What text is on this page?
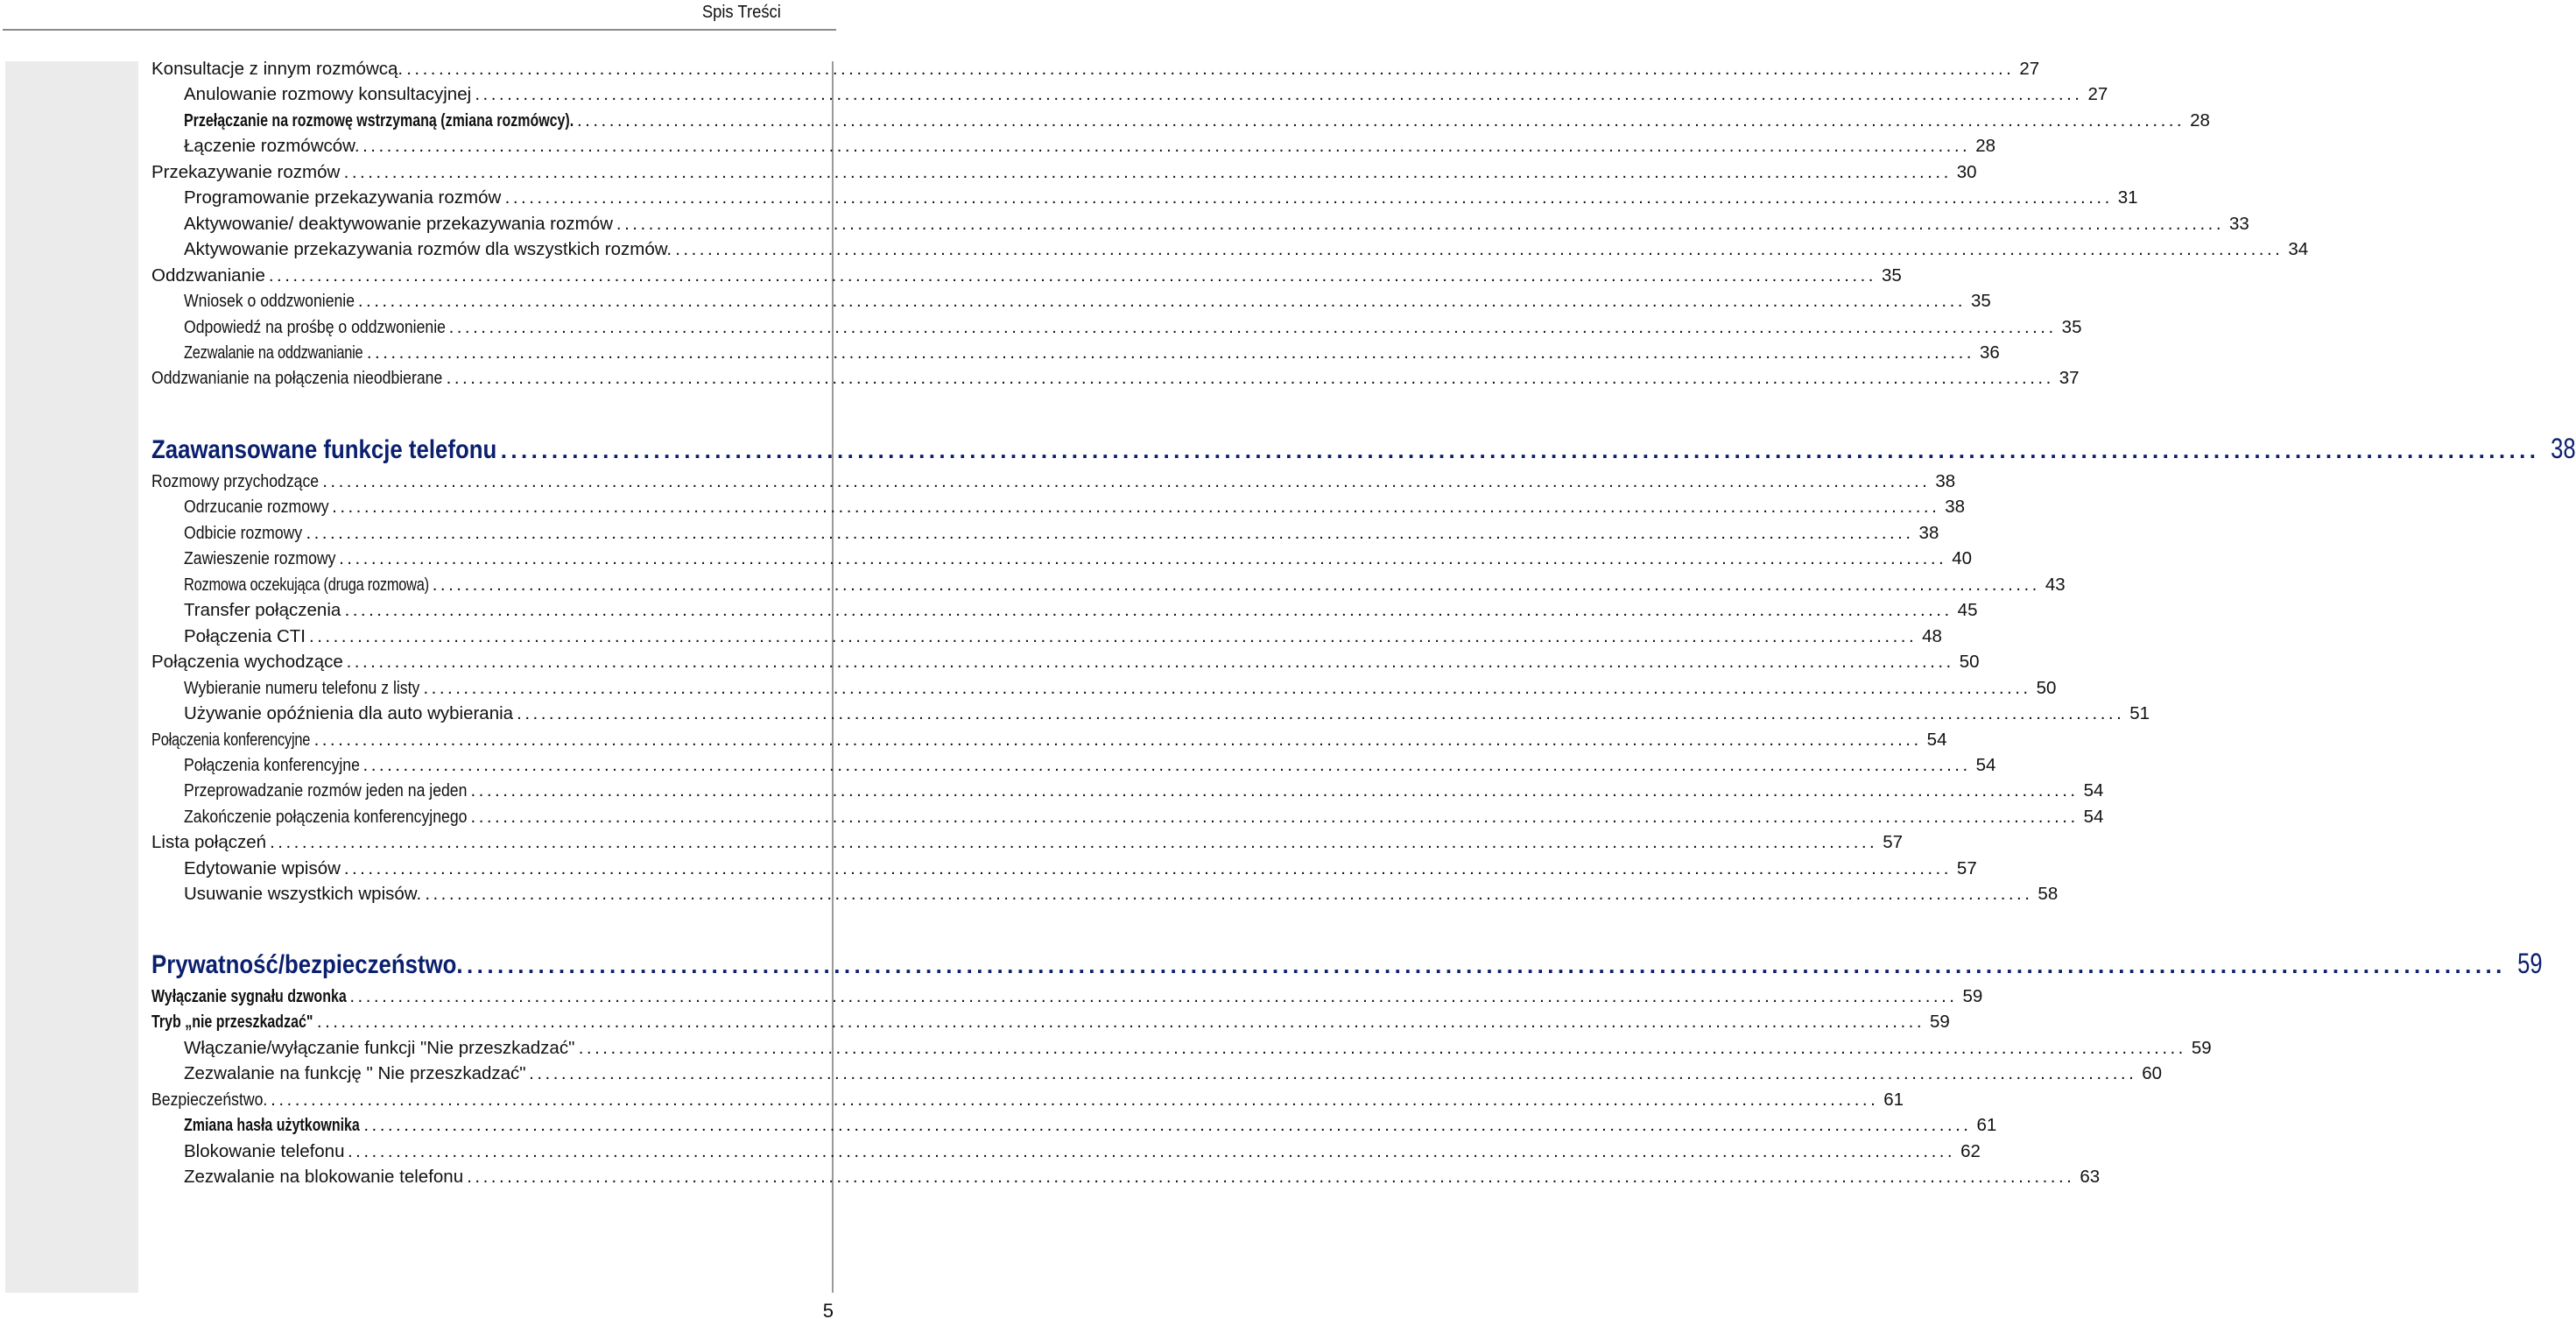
Spis Treści
Konsultacje z innym rozmówcą. ........................................................................................................................................................................................................ 27
Anulowanie rozmowy konsultacyjnej ........................................................................................................................................................................................................ 27
Przełączanie na rozmowę wstrzymaną (zmiana rozmówcy). ........................................................................................................................................................................................................ 28
Łączenie rozmówców. ........................................................................................................................................................................................................ 28
Przekazywanie rozmów ........................................................................................................................................................................................................ 30
Programowanie przekazywania rozmów ........................................................................................................................................................................................................ 31
Aktywowanie/ deaktywowanie przekazywania rozmów ........................................................................................................................................................................................................ 33
Aktywowanie przekazywania rozmów dla wszystkich rozmów. ........................................................................................................................................................................................................ 34
Oddzwanianie ........................................................................................................................................................................................................ 35
Wniosek o oddzwonienie ........................................................................................................................................................................................................ 35
Odpowiedź na prośbę o oddzwonienie ........................................................................................................................................................................................................ 35
Zezwalanie na oddzwanianie ........................................................................................................................................................................................................ 36
Oddzwanianie na połączenia nieodbierane ........................................................................................................................................................................................................ 37
Zaawansowane funkcje telefonu ........................................................................................................................................................................................................ 38
Rozmowy przychodzące ........................................................................................................................................................................................................ 38
Odrzucanie rozmowy ........................................................................................................................................................................................................ 38
Odbicie rozmowy ........................................................................................................................................................................................................ 38
Zawieszenie rozmowy ........................................................................................................................................................................................................ 40
Rozmowa oczekująca (druga rozmowa) ........................................................................................................................................................................................................ 43
Transfer połączenia ........................................................................................................................................................................................................ 45
Połączenia CTI ........................................................................................................................................................................................................ 48
Połączenia wychodzące ........................................................................................................................................................................................................ 50
Wybieranie numeru telefonu z listy ........................................................................................................................................................................................................ 50
Używanie opóźnienia dla auto wybierania ........................................................................................................................................................................................................ 51
Połączenia konferencyjne ........................................................................................................................................................................................................ 54
Połączenia konferencyjne ........................................................................................................................................................................................................ 54
Przeprowadzanie rozmów jeden na jeden ........................................................................................................................................................................................................ 54
Zakończenie połączenia konferencyjnego ........................................................................................................................................................................................................ 54
Lista połączeń ........................................................................................................................................................................................................ 57
Edytowanie wpisów ........................................................................................................................................................................................................ 57
Usuwanie wszystkich wpisów. ........................................................................................................................................................................................................ 58
Prywatność/bezpieczeństwo. ........................................................................................................................................................................................................ 59
Wyłączanie sygnału dzwonka ........................................................................................................................................................................................................ 59
Tryb „nie przeszkadzać" ........................................................................................................................................................................................................ 59
Włączanie/wyłączanie funkcji "Nie przeszkadzać" ........................................................................................................................................................................................................ 59
Zezwalanie na funkcję " Nie przeszkadzać" ........................................................................................................................................................................................................ 60
Bezpieczeństwo. ........................................................................................................................................................................................................ 61
Zmiana hasła użytkownika ........................................................................................................................................................................................................ 61
Blokowanie telefonu ........................................................................................................................................................................................................ 62
Zezwalanie na blokowanie telefonu ........................................................................................................................................................................................................ 63
5
